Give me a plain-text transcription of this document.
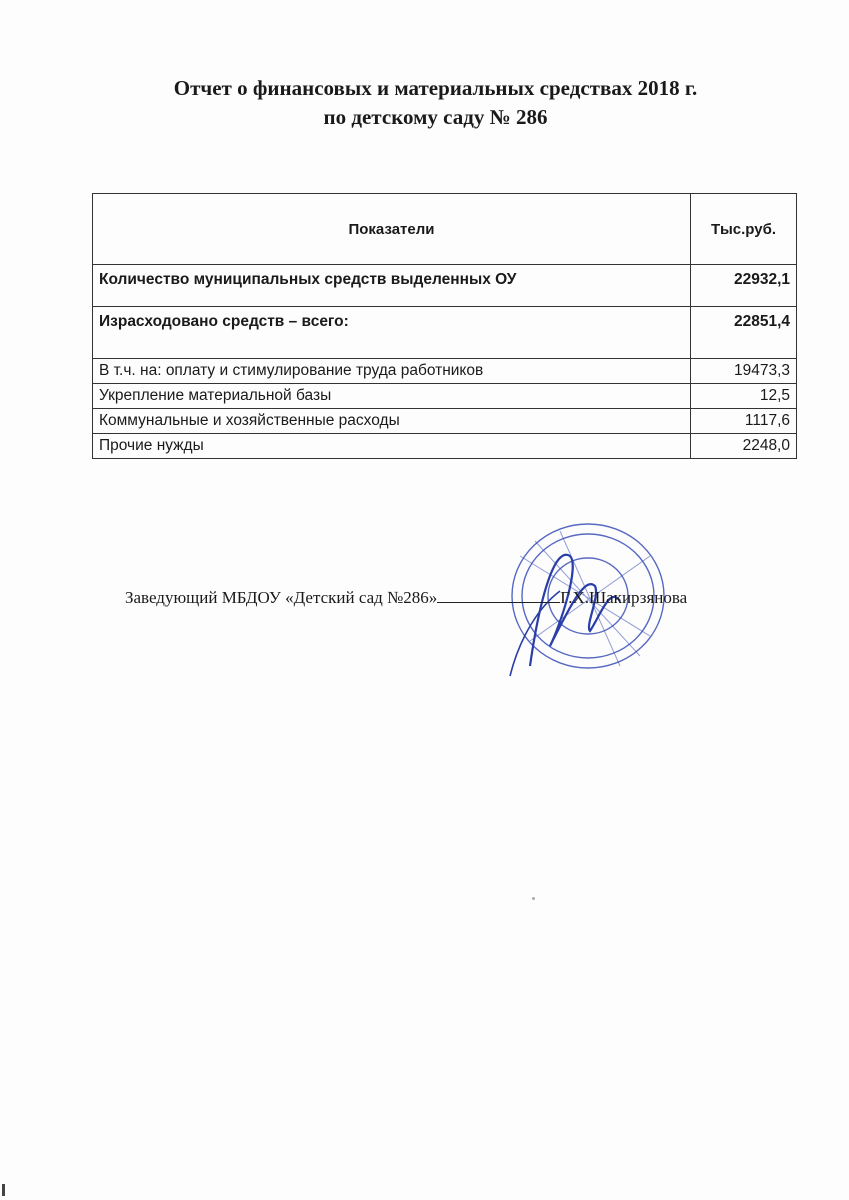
Отчет о финансовых и материальных средствах 2018 г.
по детскому саду № 286
Показатели	Тыс.руб.
Количество муниципальных средств выделенных ОУ	22932,1
Израсходовано средств – всего:	22851,4
В т.ч. на: оплату и стимулирование труда работников	19473,3
Укрепление материальной базы	12,5
Коммунальные и хозяйственные расходы	1117,6
Прочие нужды	2248,0
Заведующий МБДОУ «Детский сад №286»	Г.Х.Шакирзянова
